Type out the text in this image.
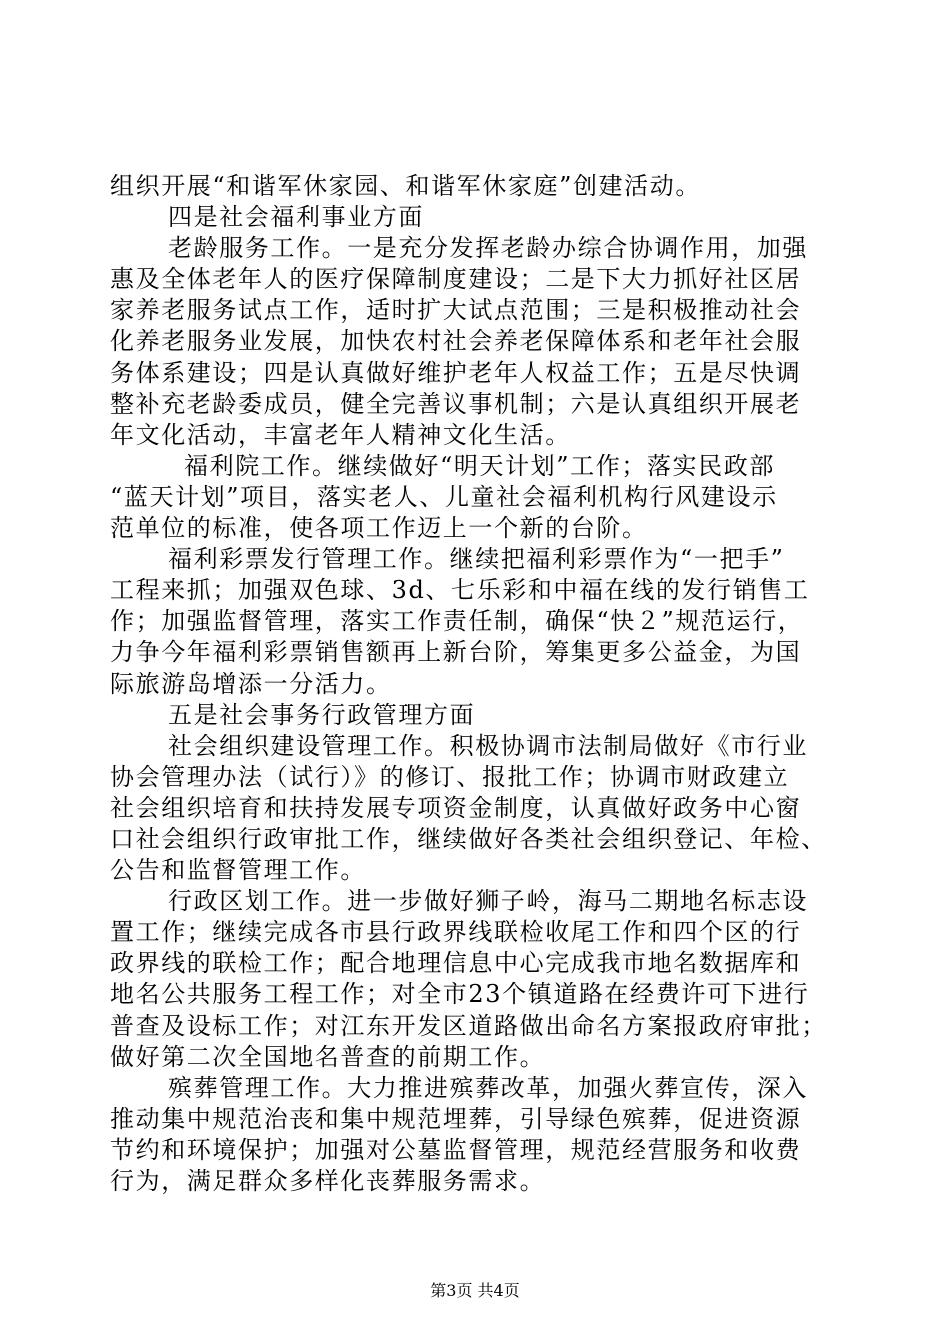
组织开展“和谐军休家园、和谐军休家庭”创建活动。
四是社会福利事业方面
老龄服务工作。一是充分发挥老龄办综合协调作用，加强
惠及全体老年人的医疗保障制度建设；二是下大力抓好社区居
家养老服务试点工作，适时扩大试点范围；三是积极推动社会
化养老服务业发展，加快农村社会养老保障体系和老年社会服
务体系建设；四是认真做好维护老年人权益工作；五是尽快调
整补充老龄委成员，健全完善议事机制；六是认真组织开展老
年文化活动，丰富老年人精神文化生活。
福利院工作。继续做好“明天计划”工作；落实民政部
“蓝天计划”项目，落实老人、儿童社会福利机构行风建设示
范单位的标准，使各项工作迈上一个新的台阶。
福利彩票发行管理工作。继续把福利彩票作为“一把手”
工程来抓；加强双色球、3d、七乐彩和中福在线的发行销售工
作；加强监督管理，落实工作责任制，确保“快２”规范运行，
力争今年福利彩票销售额再上新台阶，筹集更多公益金，为国
际旅游岛增添一分活力。
五是社会事务行政管理方面
社会组织建设管理工作。积极协调市法制局做好《市行业
协会管理办法（试行）》的修订、报批工作；协调市财政建立
社会组织培育和扶持发展专项资金制度，认真做好政务中心窗
口社会组织行政审批工作，继续做好各类社会组织登记、年检、
公告和监督管理工作。
行政区划工作。进一步做好狮子岭，海马二期地名标志设
置工作；继续完成各市县行政界线联检收尾工作和四个区的行
政界线的联检工作；配合地理信息中心完成我市地名数据库和
地名公共服务工程工作；对全市23个镇道路在经费许可下进行
普查及设标工作；对江东开发区道路做出命名方案报政府审批；
做好第二次全国地名普查的前期工作。
殡葬管理工作。大力推进殡葬改革，加强火葬宣传，深入
推动集中规范治丧和集中规范埋葬，引导绿色殡葬，促进资源
节约和环境保护；加强对公墓监督管理，规范经营服务和收费
行为，满足群众多样化丧葬服务需求。
第3页 共4页
